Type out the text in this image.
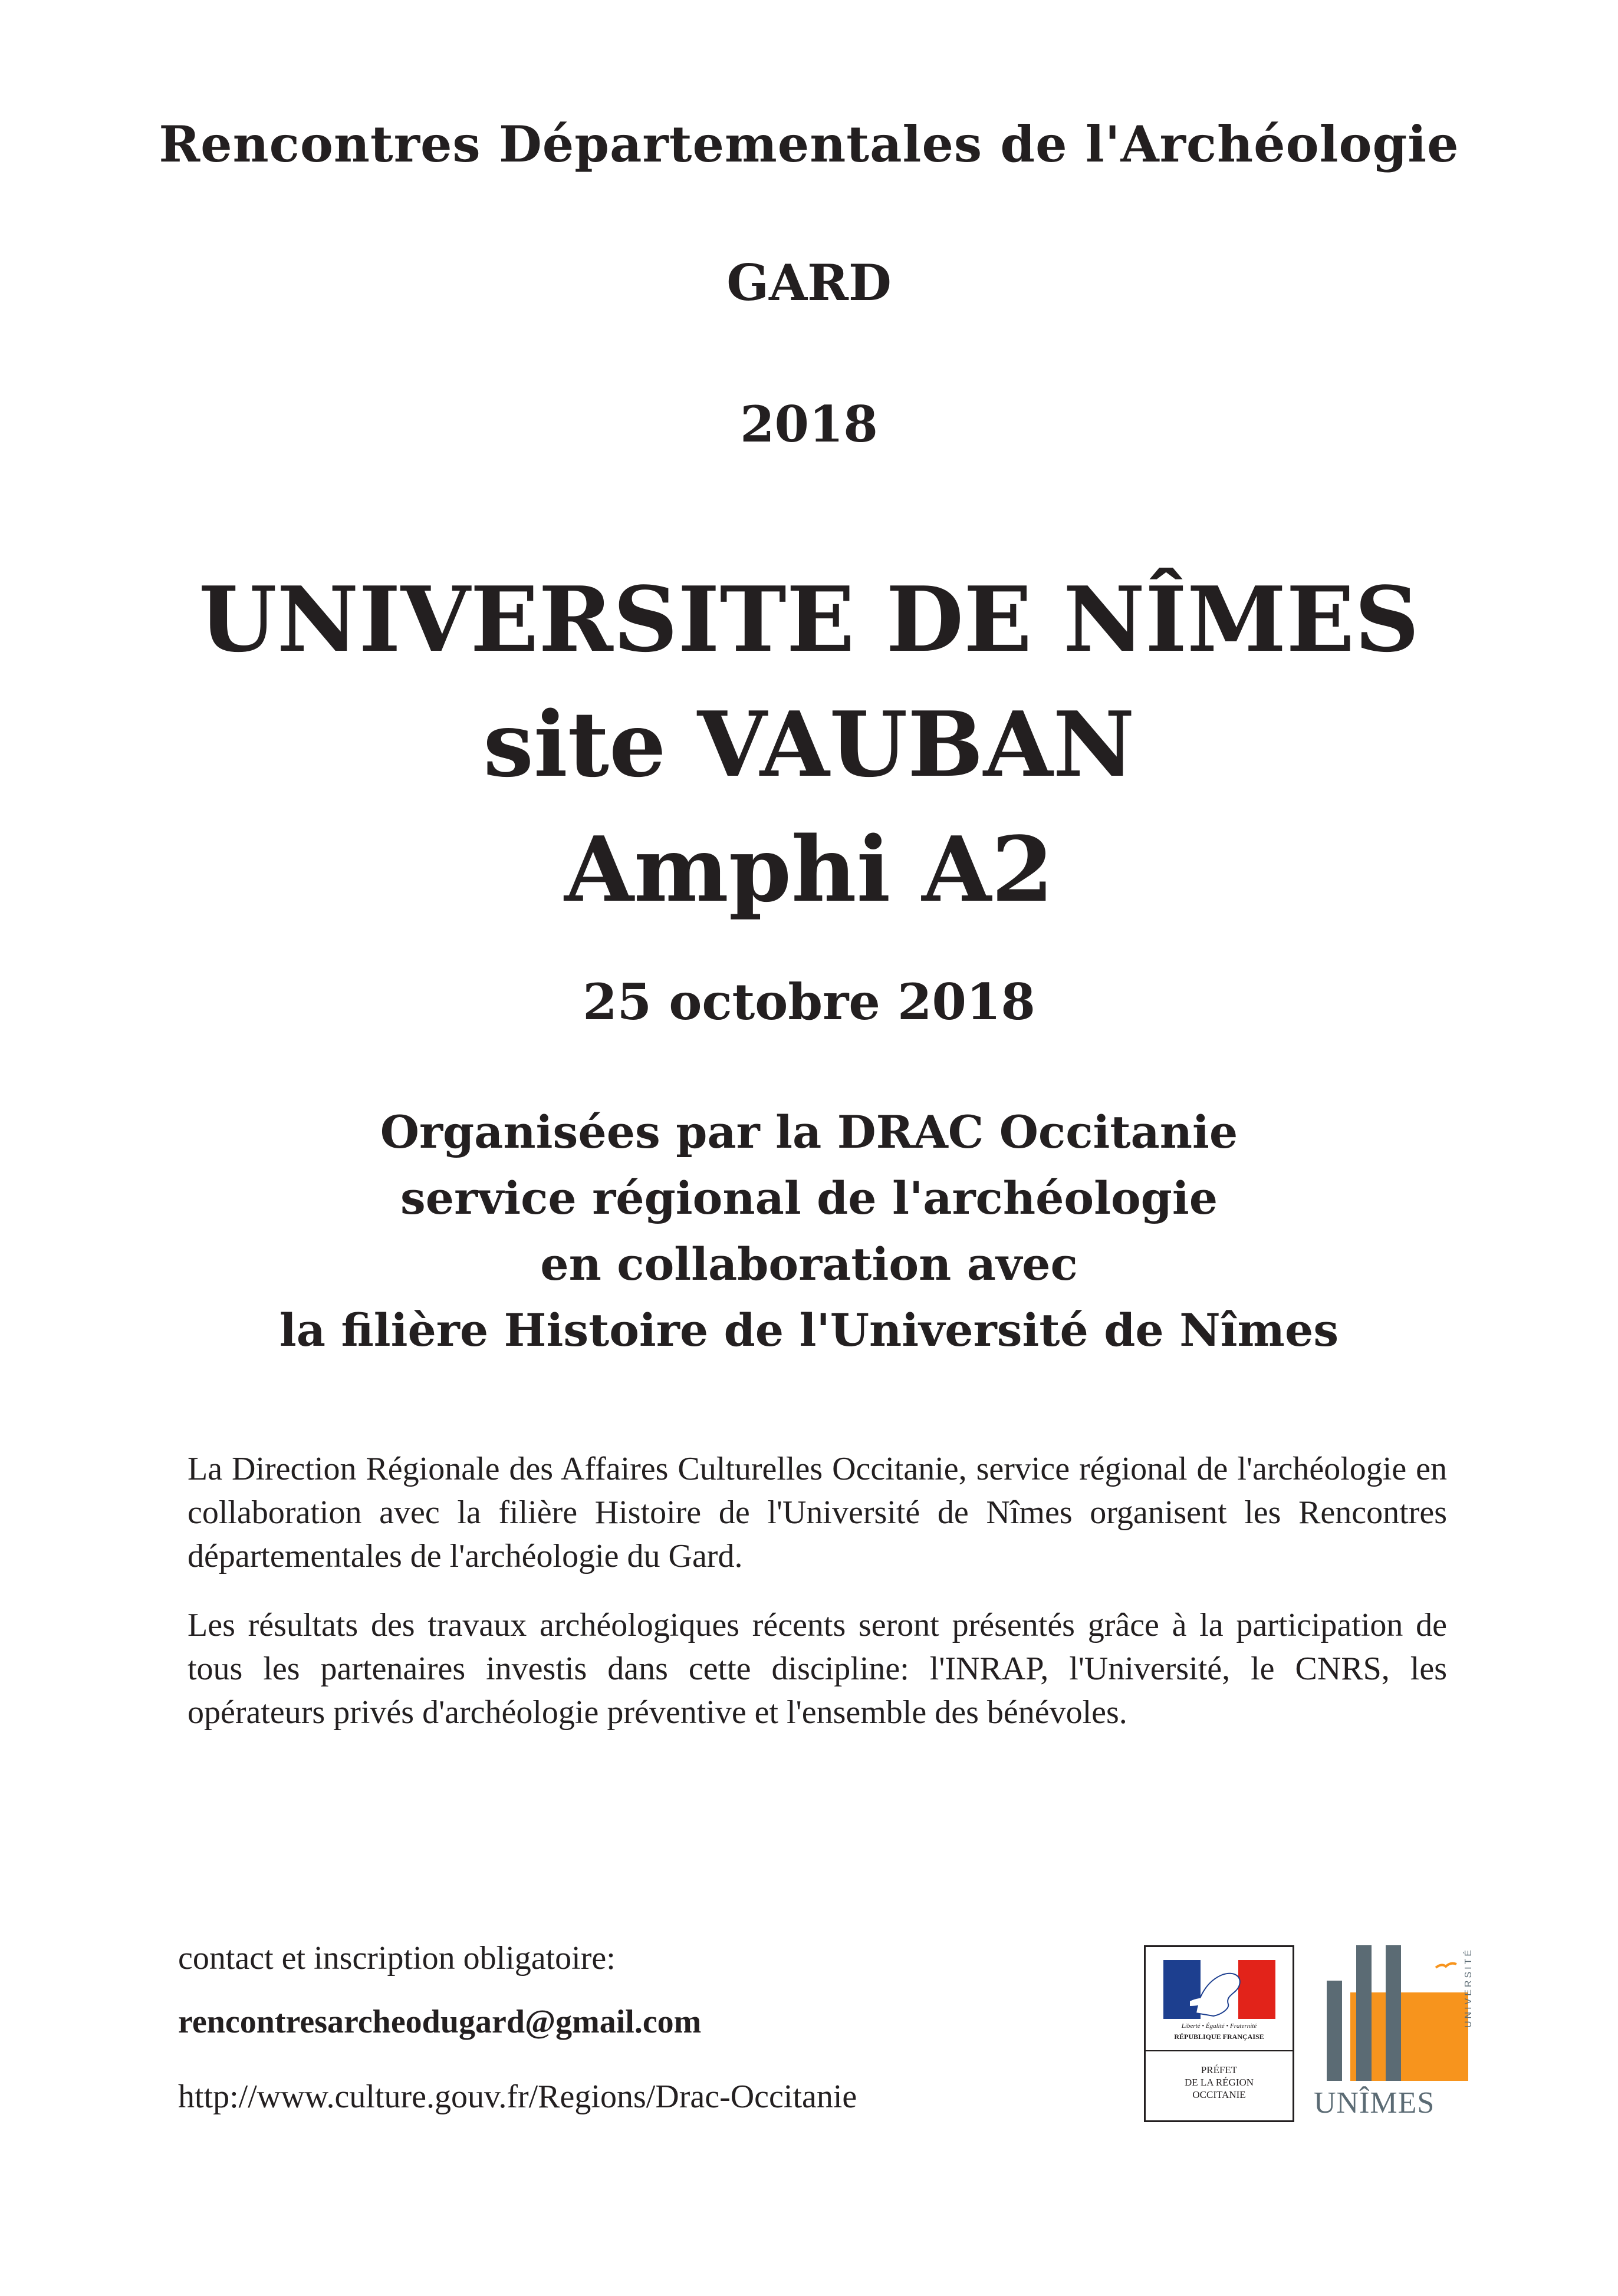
Rencontres Départementales de l'Archéologie
GARD
2018
UNIVERSITE DE NÎMES
site VAUBAN
Amphi A2
25 octobre 2018
Organisées par la DRAC Occitanie
service régional de l'archéologie
en collaboration avec
la filière Histoire de l'Université de Nîmes

La Direction Régionale des Affaires Culturelles Occitanie, service régional de l'archéologie en collaboration avec la filière Histoire de l'Université de Nîmes organisent les Rencontres départementales de l'archéologie du Gard.

Les résultats des travaux archéologiques récents seront présentés grâce à la participation de tous les partenaires investis dans cette discipline: l'INRAP, l'Université, le CNRS, les opérateurs privés d'archéologie préventive et l'ensemble des bénévoles.

contact et inscription obligatoire:
rencontresarcheodugard@gmail.com
http://www.culture.gouv.fr/Regions/Drac-Occitanie
Liberté • Égalité • Fraternité
RÉPUBLIQUE FRANÇAISE
PRÉFET
DE LA RÉGION
OCCITANIE	UNÎMES
UNIVERSITÉ
